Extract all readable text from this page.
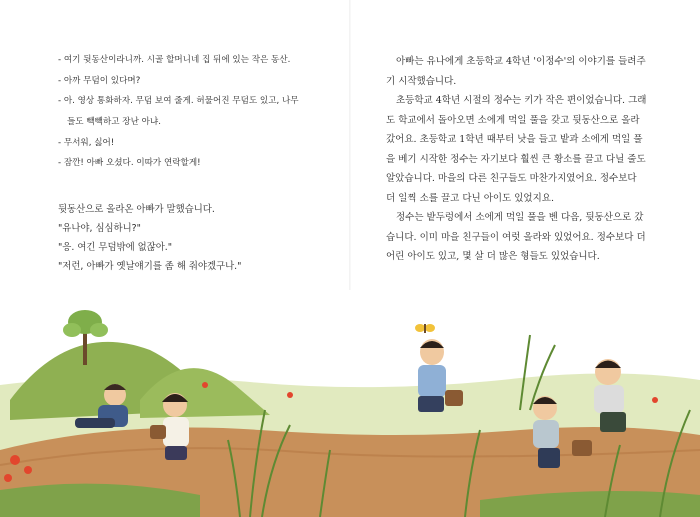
- 여기 뒷동산이라니까. 시골 할머니네 집 뒤에 있는 작은 동산.
- 아까 무덤이 있다며?
- 아. 영상 통화하자. 무덤 보여 줄게. 허물어진 무덤도 있고, 나무
들도 빽빽하고 장난 아냐.
- 무서워, 싫어!
- 잠깐! 아빠 오셨다. 이따가 연락할게!

뒷동산으로 올라온 아빠가 말했습니다.

"유나야, 심심하니?"

"응. 여긴 무덤밖에 없잖아."

"저런, 아빠가 옛날얘기를 좀 해 줘야겠구나."

아빠는 유나에게 초등학교 4학년 '이정수'의 이야기를 들려주
기 시작했습니다.

초등학교 4학년 시절의 정수는 키가 작은 편이었습니다. 그래
도 학교에서 돌아오면 소에게 먹일 풀을 갖고 뒷동산으로 올라
갔어요. 초등학교 1학년 때부터 낫을 들고 밭과 소에게 먹일 풀
을 베기 시작한 정수는 자기보다 훨씬 큰 황소를 끌고 다닐 줄도
알았습니다. 마을의 다른 친구들도 마찬가지였어요. 정수보다
더 일찍 소를 끌고 다닌 아이도 있었지요.

정수는 밭두렁에서 소에게 먹일 풀을 벤 다음, 뒷동산으로 갔
습니다. 이미 마을 친구들이 여럿 올라와 있었어요. 정수보다 더
어린 아이도 있고, 몇 살 더 많은 형들도 있었습니다.
